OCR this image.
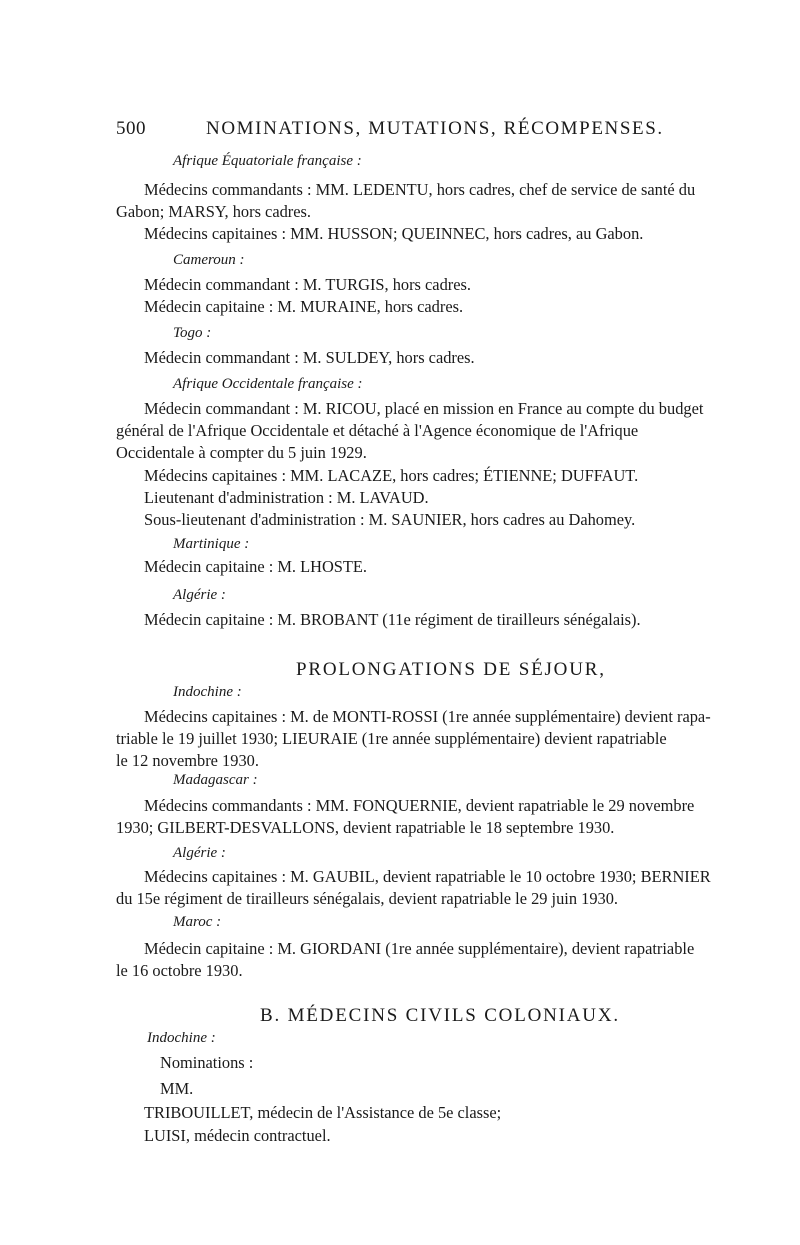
500	NOMINATIONS, MUTATIONS, RÉCOMPENSES.
Afrique Équatoriale française :
Médecins commandants : MM. LEDENTU, hors cadres, chef de service de santé du
Gabon; MARSY, hors cadres.
Médecins capitaines : MM. HUSSON; QUEINNEC, hors cadres, au Gabon.
Cameroun :
Médecin commandant : M. TURGIS, hors cadres.
Médecin capitaine : M. MURAINE, hors cadres.
Togo :
Médecin commandant : M. SULDEY, hors cadres.
Afrique Occidentale française :
Médecin commandant : M. RICOU, placé en mission en France au compte du budget
général de l'Afrique Occidentale et détaché à l'Agence économique de l'Afrique
Occidentale à compter du 5 juin 1929.
Médecins capitaines : MM. LACAZE, hors cadres; ÉTIENNE; DUFFAUT.
Lieutenant d'administration : M. LAVAUD.
Sous-lieutenant d'administration : M. SAUNIER, hors cadres au Dahomey.
Martinique :
Médecin capitaine : M. LHOSTE.
Algérie :
Médecin capitaine : M. BROBANT (11e régiment de tirailleurs sénégalais).
PROLONGATIONS DE SÉJOUR,
Indochine :
Médecins capitaines : M. de MONTI-ROSSI (1re année supplémentaire) devient rapa-
triable le 19 juillet 1930; LIEURAIE (1re année supplémentaire) devient rapatriable
le 12 novembre 1930.
Madagascar :
Médecins commandants : MM. FONQUERNIE, devient rapatriable le 29 novembre
1930; GILBERT-DESVALLONS, devient rapatriable le 18 septembre 1930.
Algérie :
Médecins capitaines : M. GAUBIL, devient rapatriable le 10 octobre 1930; BERNIER
du 15e régiment de tirailleurs sénégalais, devient rapatriable le 29 juin 1930.
Maroc :
Médecin capitaine : M. GIORDANI (1re année supplémentaire), devient rapatriable
le 16 octobre 1930.
B. MÉDECINS CIVILS COLONIAUX.
Indochine :
Nominations :
MM.
TRIBOUILLET, médecin de l'Assistance de 5e classe;
LUISI, médecin contractuel.
